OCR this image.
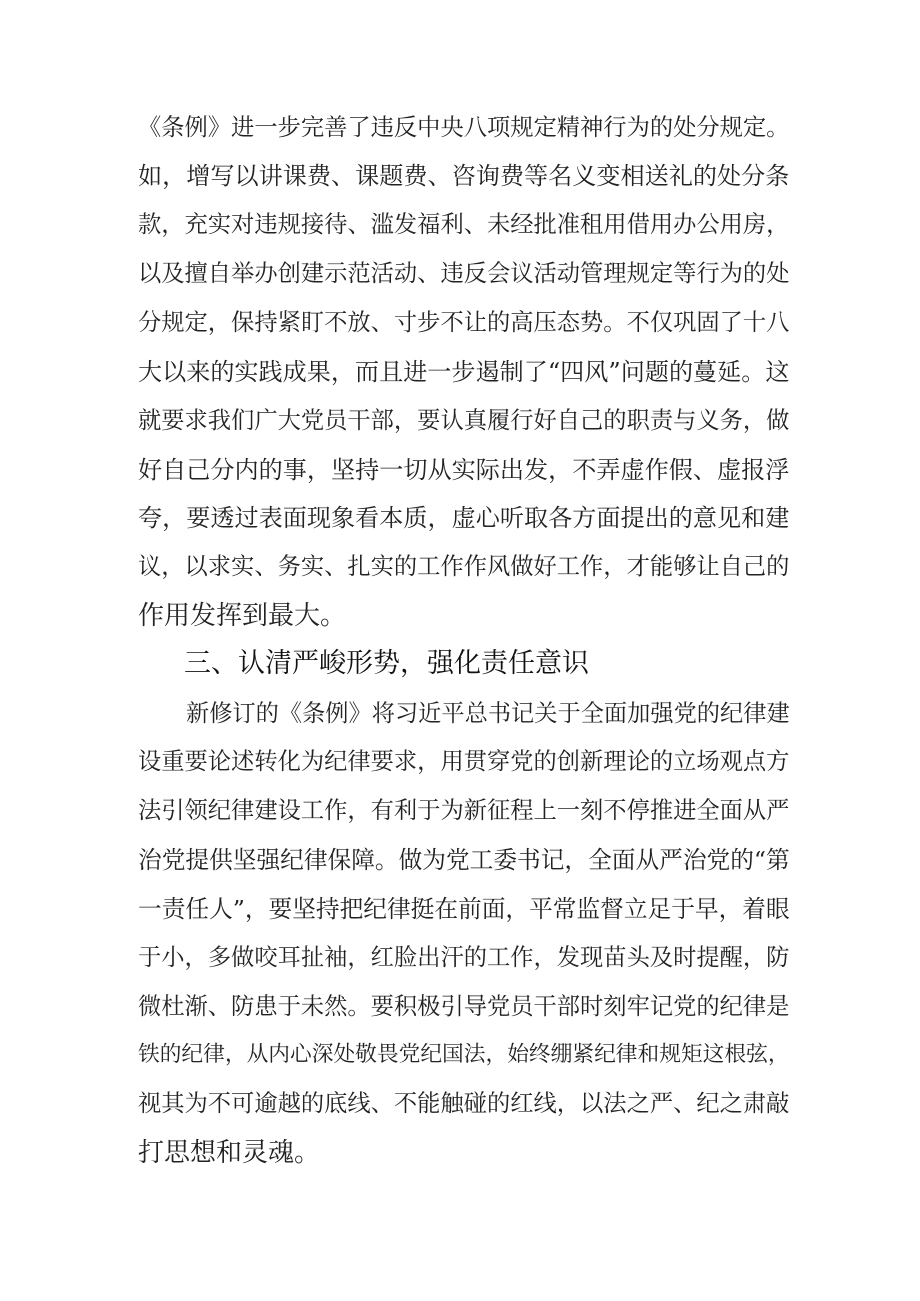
《条例》进一步完善了违反中央八项规定精神行为的处分规定。
如，增写以讲课费、课题费、咨询费等名义变相送礼的处分条
款，充实对违规接待、滥发福利、未经批准租用借用办公用房，
以及擅自举办创建示范活动、违反会议活动管理规定等行为的处
分规定，保持紧盯不放、寸步不让的高压态势。不仅巩固了十八
大以来的实践成果，而且进一步遏制了“四风”问题的蔓延。这
就要求我们广大党员干部，要认真履行好自己的职责与义务，做
好自己分内的事，坚持一切从实际出发，不弄虚作假、虚报浮
夸，要透过表面现象看本质，虚心听取各方面提出的意见和建
议，以求实、务实、扎实的工作作风做好工作，才能够让自己的
作用发挥到最大。
三、认清严峻形势，强化责任意识
新修订的《条例》将习近平总书记关于全面加强党的纪律建
设重要论述转化为纪律要求，用贯穿党的创新理论的立场观点方
法引领纪律建设工作，有利于为新征程上一刻不停推进全面从严
治党提供坚强纪律保障。做为党工委书记，全面从严治党的“第
一责任人”，要坚持把纪律挺在前面，平常监督立足于早，着眼
于小，多做咬耳扯袖，红脸出汗的工作，发现苗头及时提醒，防
微杜渐、防患于未然。要积极引导党员干部时刻牢记党的纪律是
铁的纪律，从内心深处敬畏党纪国法，始终绷紧纪律和规矩这根弦，
视其为不可逾越的底线、不能触碰的红线，以法之严、纪之肃敲
打思想和灵魂。
